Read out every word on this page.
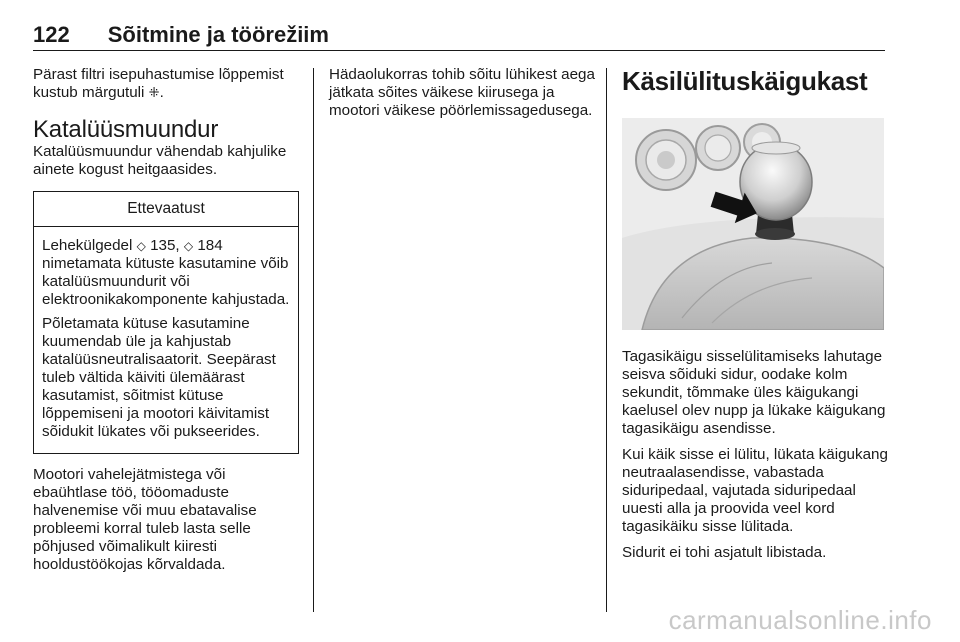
122 Sõitmine ja töörežiim

Pärast filtri isepuhastumise lõppemist kustub märgutuli ⁜.

Katalüüsmuundur

Katalüüsmuundur vähendab kahjulike ainete kogust heitgaasides.

Ettevaatust

Lehekülgedel ◇ 135, ◇ 184 nimetamata kütuste kasutamine võib katalüüsmuundurit või elektroonikakomponente kahjustada.

Põletamata kütuse kasutamine kuumendab üle ja kahjustab katalüüsneutralisaatorit. Seepärast tuleb vältida käiviti ülemäärast kasutamist, sõitmist kütuse lõppemiseni ja mootori käivitamist sõidukit lükates või pukseerides.

Mootori vahelejätmistega või ebaühtlase töö, tööomaduste halvenemise või muu ebatavalise probleemi korral tuleb lasta selle põhjused võimalikult kiiresti hooldustöökojas kõrvaldada.

Hädaolukorras tohib sõitu lühikest aega jätkata sõites väikese kiirusega ja mootori väikese pöörlemissagedusega.

Käsilülituskäigukast

Tagasikäigu sisselülitamiseks lahutage seisva sõiduki sidur, oodake kolm sekundit, tõmmake üles käigukangi kaelusel olev nupp ja lükake käigukang tagasikäigu asendisse.

Kui käik sisse ei lülitu, lükata käigukang neutraalasendisse, vabastada siduripedaal, vajutada siduripedaal uuesti alla ja proovida veel kord tagasikäiku sisse lülitada.

Sidurit ei tohi asjatult libistada.

carmanualsonline.info
